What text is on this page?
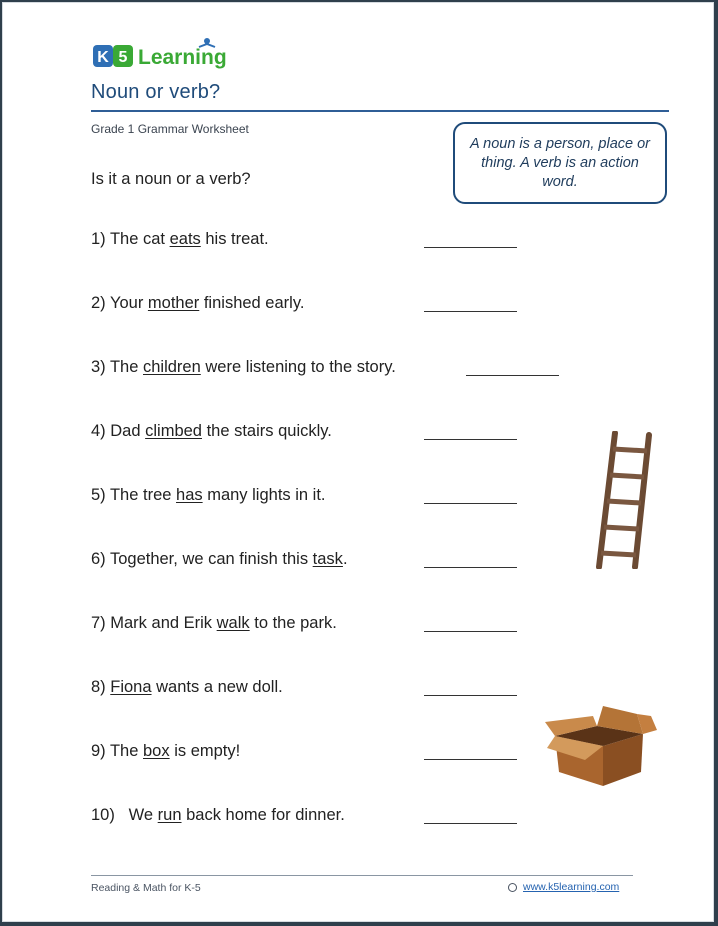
K 5 Learning
Noun or verb?
Grade 1 Grammar Worksheet
A noun is a person, place or thing. A verb is an action word.
Is it a noun or a verb?
1) The cat eats his treat.
2) Your mother finished early.
3) The children were listening to the story.
4) Dad climbed the stairs quickly.
5) The tree has many lights in it.
6) Together, we can finish this task.
7) Mark and Erik walk to the park.
8) Fiona wants a new doll.
9) The box is empty!
10)   We run back home for dinner.
Reading & Math for K-5	www.k5learning.com
